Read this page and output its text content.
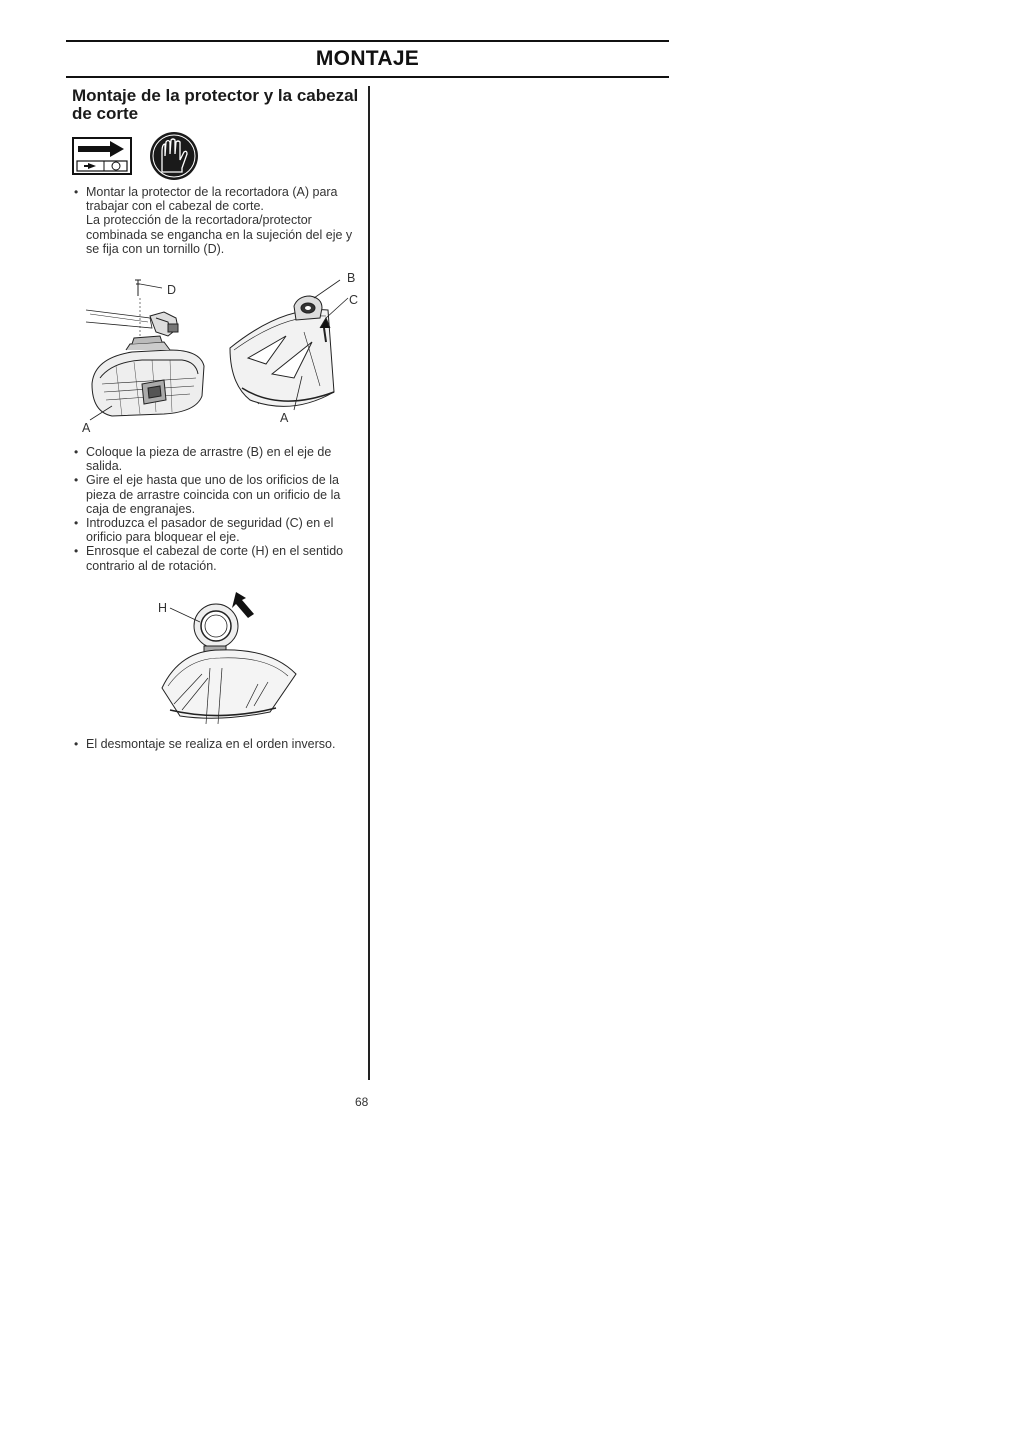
MONTAJE
Montaje de la protector y la cabezal de corte
• Montar la protector de la recortadora (A) para trabajar con el cabezal de corte.
La protección de la recortadora/protector combinada se engancha en la sujeción del eje y se fija con un tornillo (D).
D
A
B
C
A
• Coloque la pieza de arrastre (B) en el eje de salida.
• Gire el eje hasta que uno de los orificios de la pieza de arrastre coincida con un orificio de la caja de engranajes.
• Introduzca el pasador de seguridad (C) en el orificio para bloquear el eje.
• Enrosque el cabezal de corte (H) en el sentido contrario al de rotación.
H
• El desmontaje se realiza en el orden inverso.
68
